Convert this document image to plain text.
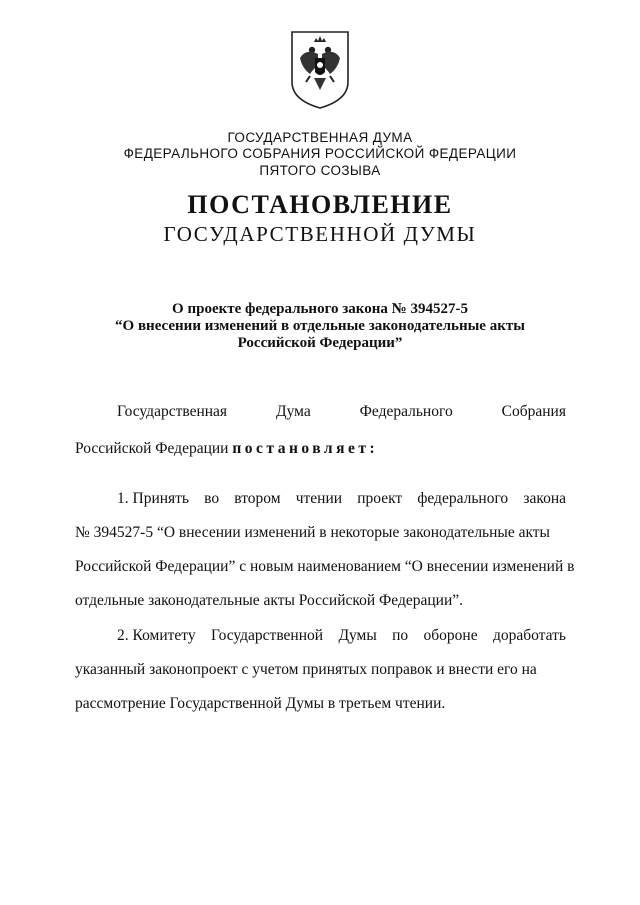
ГОСУДАРСТВЕННАЯ ДУМА
ФЕДЕРАЛЬНОГО СОБРАНИЯ РОССИЙСКОЙ ФЕДЕРАЦИИ
ПЯТОГО СОЗЫВА
ПОСТАНОВЛЕНИЕ
ГОСУДАРСТВЕННОЙ ДУМЫ
О проекте федерального закона № 394527-5
“О внесении изменений в отдельные законодательные акты
Российской Федерации”
Государственная	Дума	Федерального	Собрания
Российской Федерации постановляет:
1. Принять во втором чтении проект федерального закона
№ 394527-5 “О внесении изменений в некоторые законодательные акты
Российской Федерации” с новым наименованием “О внесении изменений в
отдельные законодательные акты Российской Федерации”.
2. Комитету Государственной Думы по обороне доработать
указанный законопроект с учетом принятых поправок и внести его на
рассмотрение Государственной Думы в третьем чтении.
